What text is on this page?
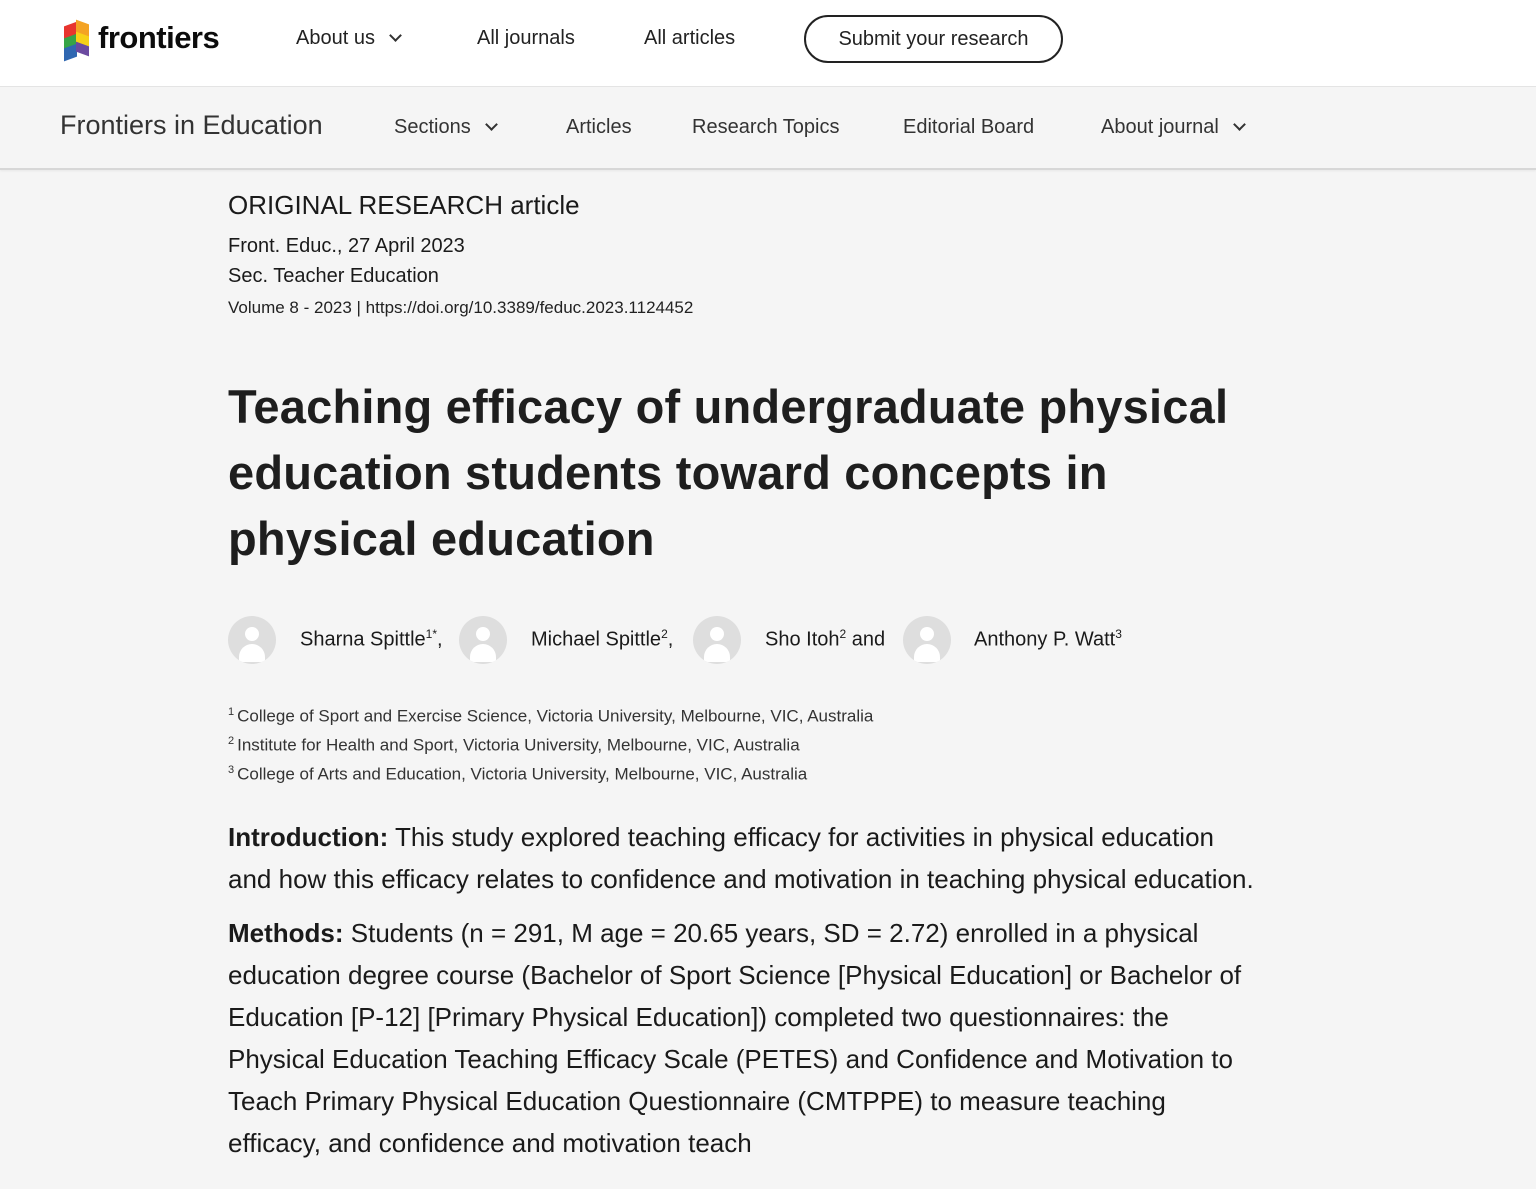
frontiers	About us	All journals	All articles	Submit your research
Frontiers in Education	Sections	Articles	Research Topics	Editorial Board	About journal
ORIGINAL RESEARCH article
Front. Educ., 27 April 2023
Sec. Teacher Education
Volume 8 - 2023 | https://doi.org/10.3389/feduc.2023.1124452
Teaching efficacy of undergraduate physical education students toward concepts in physical education
Sharna Spittle$^{1*}$,	Michael Spittle$^2$,	Sho Itoh$^2$ and	Anthony P. Watt$^3$
$^1$ College of Sport and Exercise Science, Victoria University, Melbourne, VIC, Australia
$^2$ Institute for Health and Sport, Victoria University, Melbourne, VIC, Australia
$^3$ College of Arts and Education, Victoria University, Melbourne, VIC, Australia

Introduction: This study explored teaching efficacy for activities in physical education and how this efficacy relates to confidence and motivation in teaching physical education.

Methods: Students (n = 291, M age = 20.65 years, SD = 2.72) enrolled in a physical education degree course (Bachelor of Sport Science [Physical Education] or Bachelor of Education [P-12] [Primary Physical Education]) completed two questionnaires: the Physical Education Teaching Efficacy Scale (PETES) and Confidence and Motivation to Teach Primary Physical Education Questionnaire (CMTPPE) to measure teaching efficacy, and confidence and motivation teach
